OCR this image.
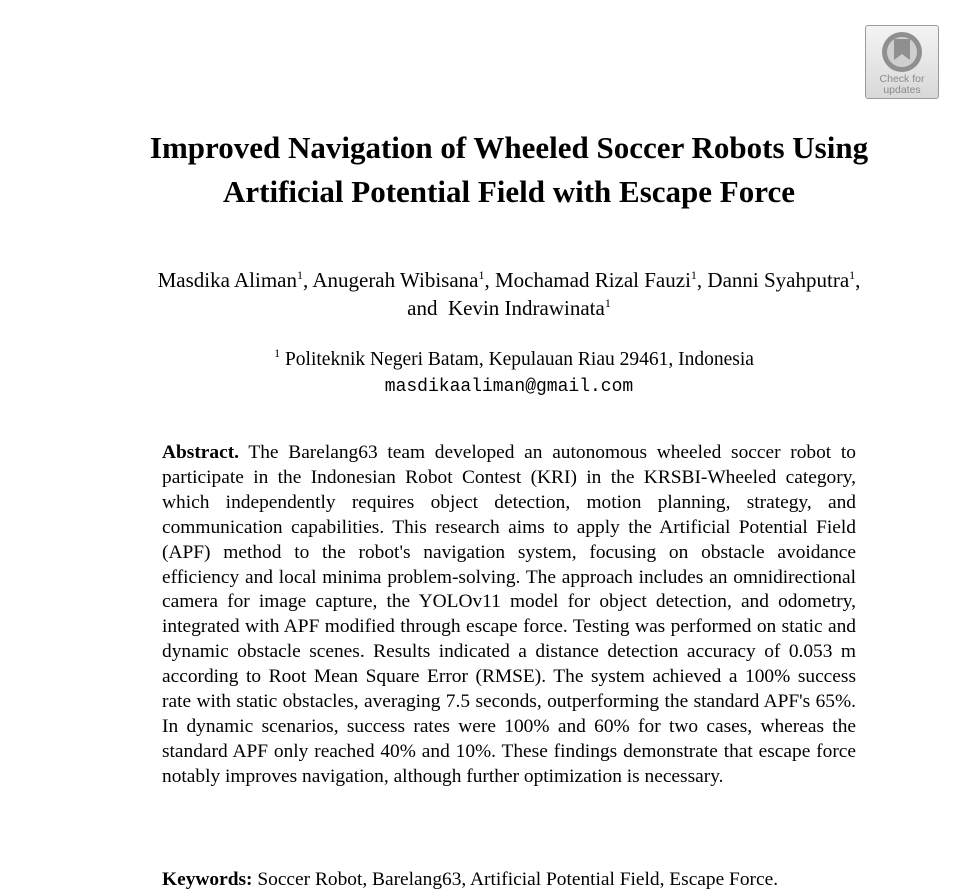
Check for
updates
Improved Navigation of Wheeled Soccer Robots Using
Artificial Potential Field with Escape Force
Masdika Aliman$^1$, Anugerah Wibisana$^1$, Mochamad Rizal Fauzi$^1$, Danni Syahputra$^1$,
and  Kevin Indrawinata$^1$
$^1$ Politeknik Negeri Batam, Kepulauan Riau 29461, Indonesia
masdikaaliman@gmail.com
Abstract. The Barelang63 team developed an autonomous wheeled soccer robot to participate in the Indonesian Robot Contest (KRI) in the KRSBI-Wheeled category, which independently requires object detection, motion planning, strategy, and communication capabilities. This research aims to apply the Artificial Potential Field (APF) method to the robot's navigation system, focusing on obstacle avoidance efficiency and local minima problem-solving. The approach includes an omnidirectional camera for image capture, the YOLOv11 model for object detection, and odometry, integrated with APF modified through escape force. Testing was performed on static and dynamic obstacle scenes. Results indicated a distance detection accuracy of 0.053 m according to Root Mean Square Error (RMSE). The system achieved a 100% success rate with static obstacles, averaging 7.5 seconds, outperforming the standard APF's 65%. In dynamic scenarios, success rates were 100% and 60% for two cases, whereas the standard APF only reached 40% and 10%. These findings demonstrate that escape force notably improves navigation, although further optimization is necessary.
Keywords: Soccer Robot, Barelang63, Artificial Potential Field, Escape Force.
